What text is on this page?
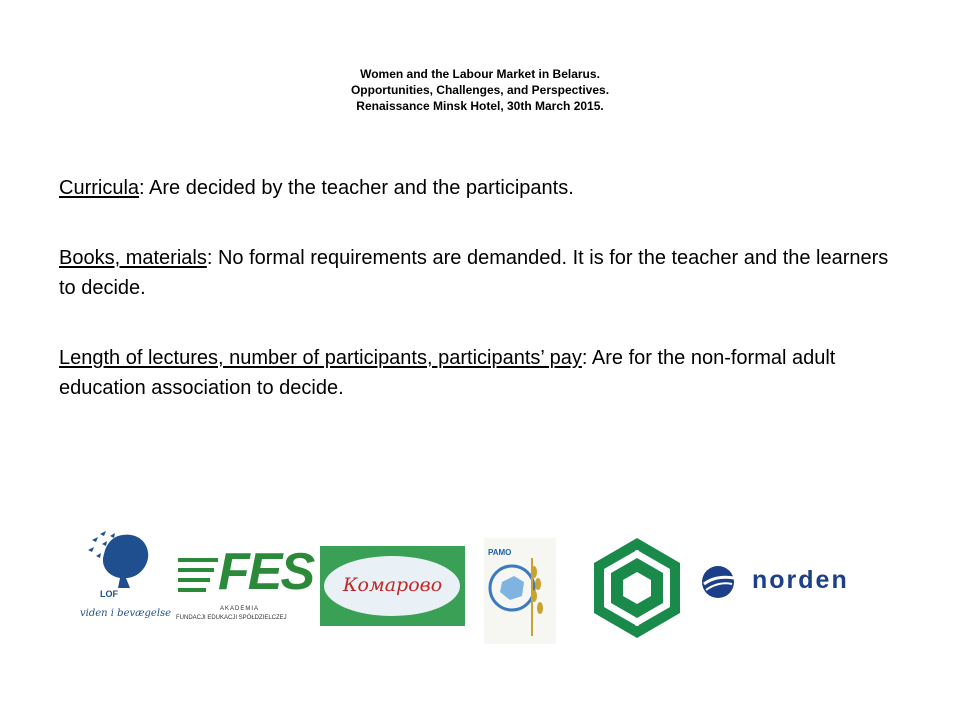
Women and the Labour Market in Belarus.
Opportunities, Challenges, and Perspectives.
Renaissance Minsk Hotel, 30th March 2015.

Curricula: Are decided by the teacher and the participants.

Books, materials: No formal requirements are demanded. It is for the teacher and the learners to decide.

Length of lectures, number of participants, participants’ pay: Are for the non-formal adult education association to decide.

LOF
viden i bevægelse
FES
AKADEMIA
FUNDACJI EDUKACJI SPÓŁDZIELCZEJ
Комарово
PAMO
norden
